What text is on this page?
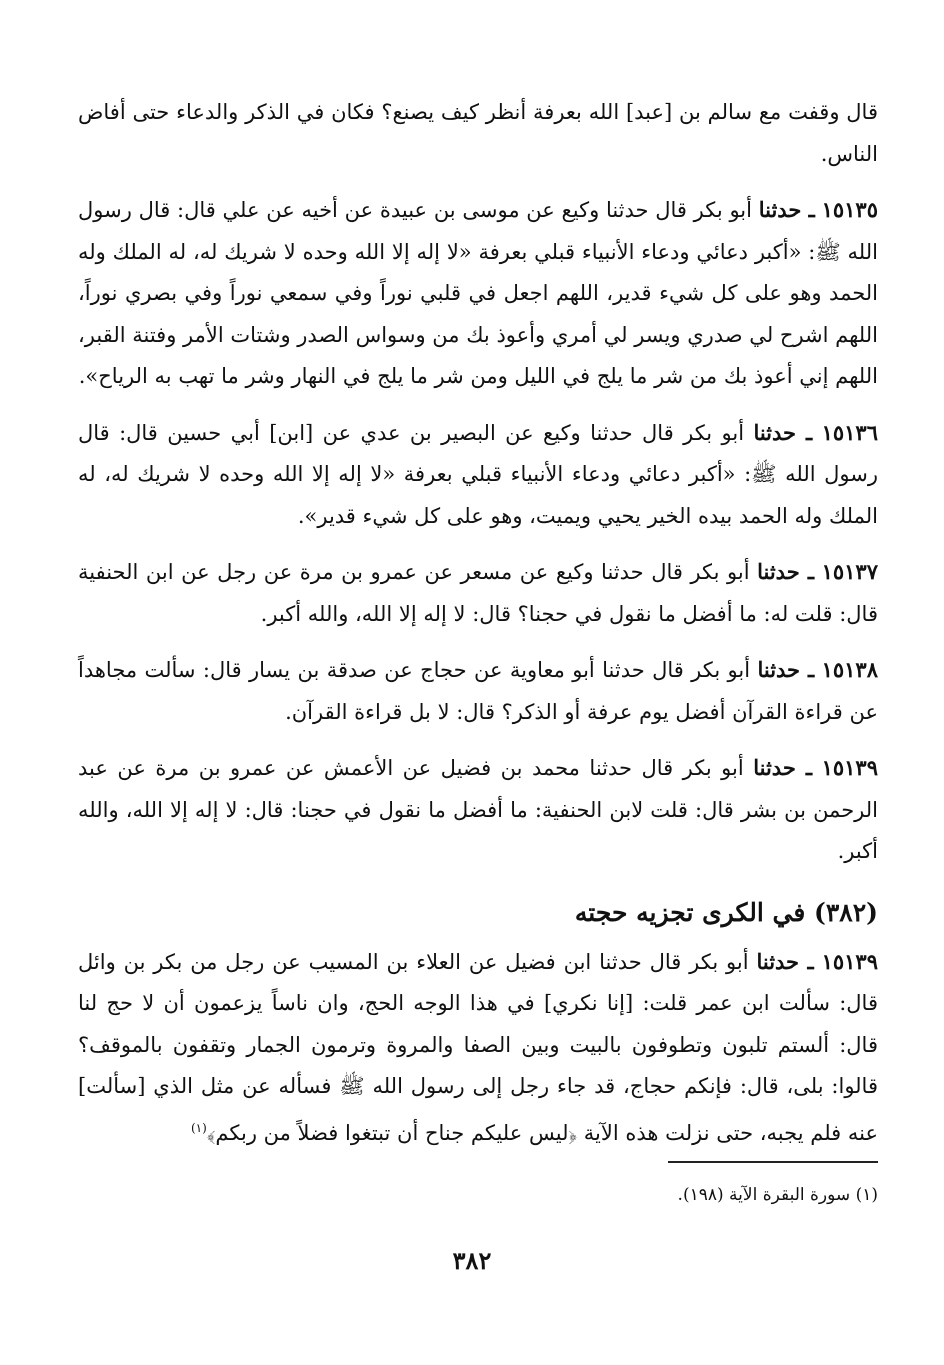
قال وقفت مع سالم بن [عبد] الله بعرفة أنظر كيف يصنع؟ فكان في الذكر والدعاء حتى أفاض الناس.

١٥١٣٥ ـ حدثنا أبو بكر قال حدثنا وكيع عن موسى بن عبيدة عن أخيه عن علي قال: قال رسول الله ﷺ: «أكبر دعائي ودعاء الأنبياء قبلي بعرفة «لا إله إلا الله وحده لا شريك له، له الملك وله الحمد وهو على كل شيء قدير، اللهم اجعل في قلبي نوراً وفي سمعي نوراً وفي بصري نوراً، اللهم اشرح لي صدري ويسر لي أمري وأعوذ بك من وسواس الصدر وشتات الأمر وفتنة القبر، اللهم إني أعوذ بك من شر ما يلج في الليل ومن شر ما يلج في النهار وشر ما تهب به الرياح».

١٥١٣٦ ـ حدثنا أبو بكر قال حدثنا وكيع عن البصير بن عدي عن [ابن] أبي حسين قال: قال رسول الله ﷺ: «أكبر دعائي ودعاء الأنبياء قبلي بعرفة «لا إله إلا الله وحده لا شريك له، له الملك وله الحمد بيده الخير يحيي ويميت، وهو على كل شيء قدير».

١٥١٣٧ ـ حدثنا أبو بكر قال حدثنا وكيع عن مسعر عن عمرو بن مرة عن رجل عن ابن الحنفية قال: قلت له: ما أفضل ما نقول في حجنا؟ قال: لا إله إلا الله، والله أكبر.

١٥١٣٨ ـ حدثنا أبو بكر قال حدثنا أبو معاوية عن حجاج عن صدقة بن يسار قال: سألت مجاهداً عن قراءة القرآن أفضل يوم عرفة أو الذكر؟ قال: لا بل قراءة القرآن.

١٥١٣٩ ـ حدثنا أبو بكر قال حدثنا محمد بن فضيل عن الأعمش عن عمرو بن مرة عن عبد الرحمن بن بشر قال: قلت لابن الحنفية: ما أفضل ما نقول في حجنا: قال: لا إله إلا الله، والله أكبر.

(٣٨٢) في الكرى تجزيه حجته

١٥١٣٩ ـ حدثنا أبو بكر قال حدثنا ابن فضيل عن العلاء بن المسيب عن رجل من بكر بن وائل قال: سألت ابن عمر قلت: [إنا نكري] في هذا الوجه الحج، وان ناساً يزعمون أن لا حج لنا قال: ألستم تلبون وتطوفون بالبيت وبين الصفا والمروة وترمون الجمار وتقفون بالموقف؟ قالوا: بلى، قال: فإنكم حجاج، قد جاء رجل إلى رسول الله ﷺ فسأله عن مثل الذي [سألت] عنه فلم يجبه، حتى نزلت هذه الآية ﴿ليس عليكم جناح أن تبتغوا فضلاً من ربكم﴾$^{(١)}$

(١) سورة البقرة الآية (١٩٨).
٣٨٢
